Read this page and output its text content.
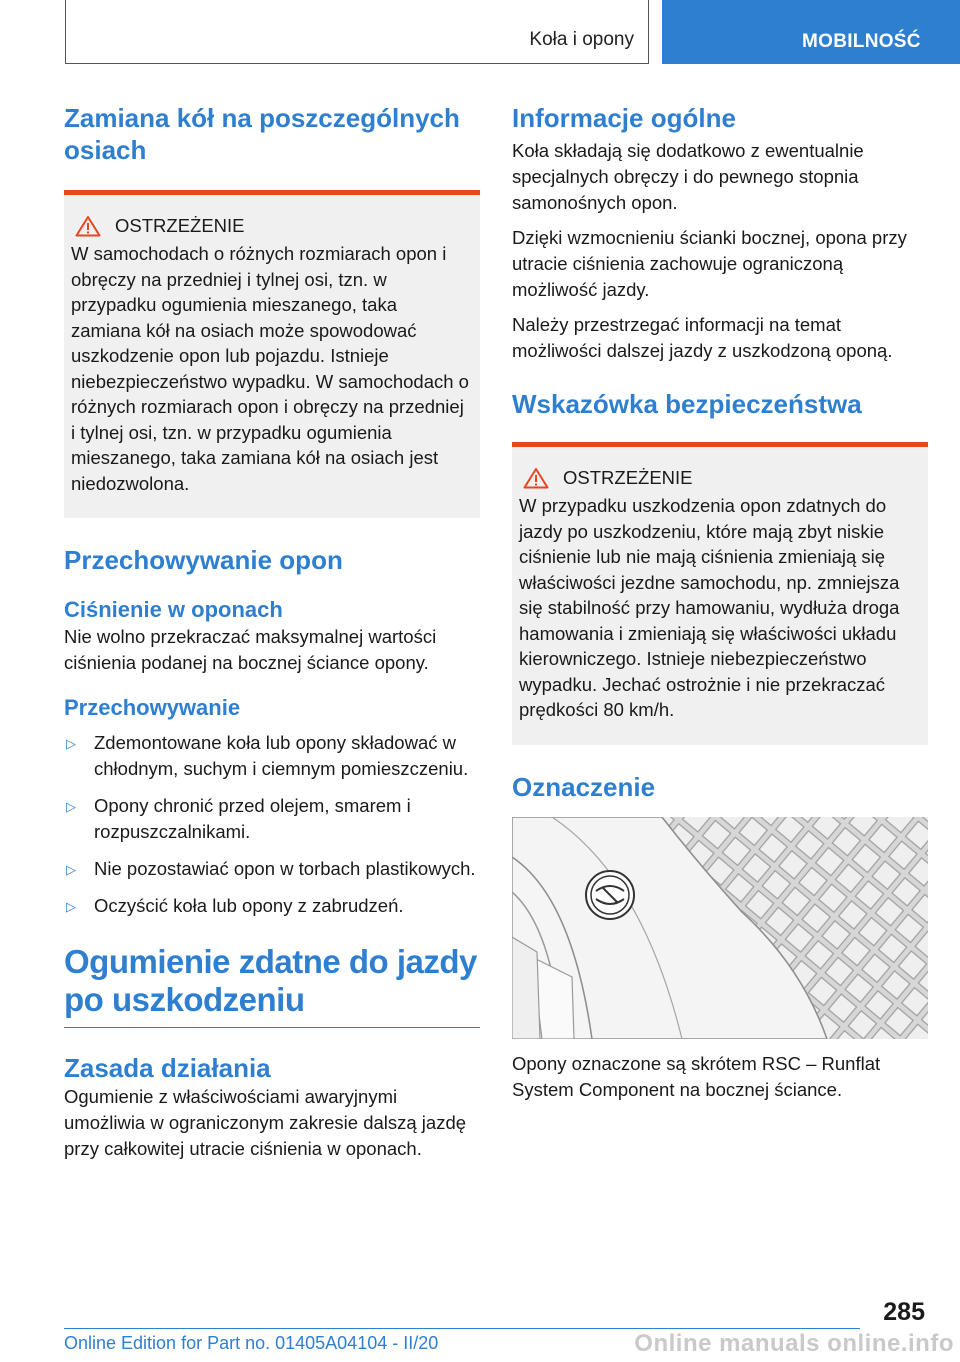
Koła i opony	MOBILNOŚĆ
Zamiana kół na poszczególnych osiach
OSTRZEŻENIE

W samochodach o różnych rozmiarach opon i obręczy na przedniej i tylnej osi, tzn. w przypadku ogumienia mieszanego, taka zamiana kół na osiach może spowodować uszkodzenie opon lub pojazdu. Istnieje niebezpieczeństwo wypadku. W samochodach o różnych rozmiarach opon i obręczy na przedniej i tylnej osi, tzn. w przypadku ogumienia mieszanego, taka zamiana kół na osiach jest niedozwolona.

Przechowywanie opon
Ciśnienie w oponach

Nie wolno przekraczać maksymalnej wartości ciśnienia podanej na bocznej ściance opony.

Przechowywanie
▷ Zdemontowane koła lub opony składować w chłodnym, suchym i ciemnym pomieszczeniu.
▷ Opony chronić przed olejem, smarem i rozpuszczalnikami.
▷ Nie pozostawiać opon w torbach plastikowych.
▷ Oczyścić koła lub opony z zabrudzeń.
Ogumienie zdatne do jazdy po uszkodzeniu
Zasada działania

Ogumienie z właściwościami awaryjnymi umożliwia w ograniczonym zakresie dalszą jazdę przy całkowitej utracie ciśnienia w oponach.

Informacje ogólne

Koła składają się dodatkowo z ewentualnie specjalnych obręczy i do pewnego stopnia samonośnych opon.

Dzięki wzmocnieniu ścianki bocznej, opona przy utracie ciśnienia zachowuje ograniczoną możliwość jazdy.

Należy przestrzegać informacji na temat możliwości dalszej jazdy z uszkodzoną oponą.

Wskazówka bezpieczeństwa
OSTRZEŻENIE

W przypadku uszkodzenia opon zdatnych do jazdy po uszkodzeniu, które mają zbyt niskie ciśnienie lub nie mają ciśnienia zmieniają się właściwości jezdne samochodu, np. zmniejsza się stabilność przy hamowaniu, wydłuża droga hamowania i zmieniają się właściwości układu kierowniczego. Istnieje niebezpieczeństwo wypadku. Jechać ostrożnie i nie przekraczać prędkości 80 km/h.

Oznaczenie

Opony oznaczone są skrótem RSC – Runflat System Component na bocznej ściance.

285
Online Edition for Part no. 01405A04104 - II/20	Online manuals online.info
